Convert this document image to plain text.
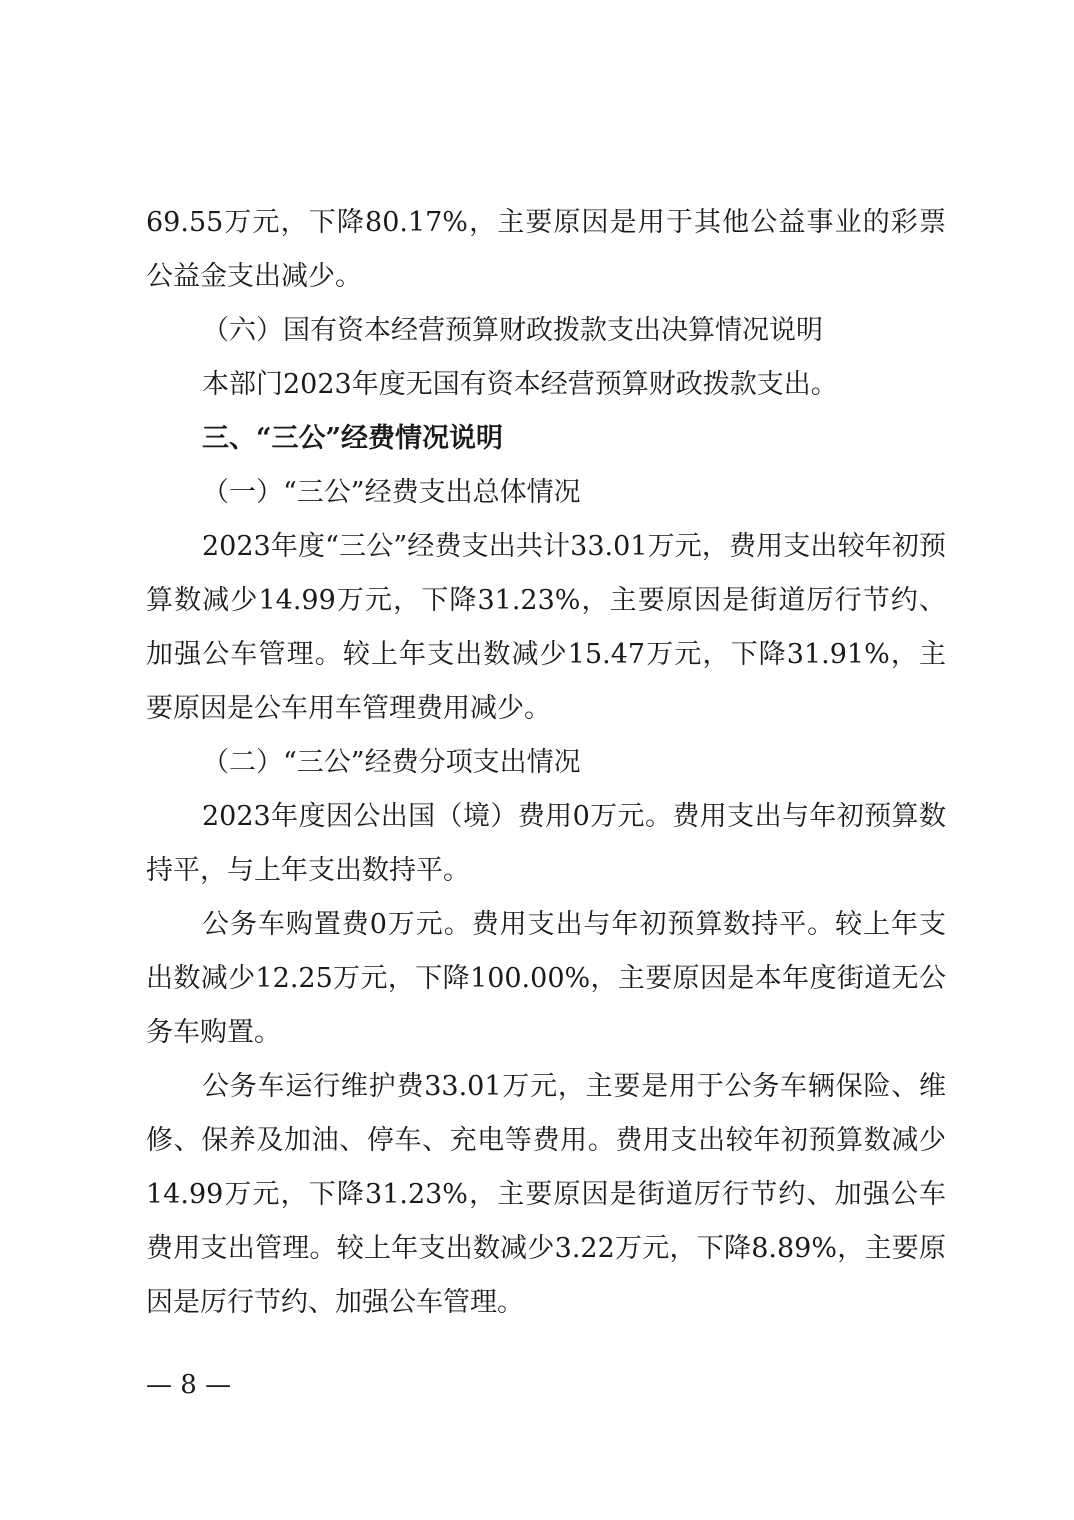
69.55万元，下降80.17%，主要原因是用于其他公益事业的彩票公益金支出减少。

（六）国有资本经营预算财政拨款支出决算情况说明

本部门2023年度无国有资本经营预算财政拨款支出。

三、“三公”经费情况说明

（一）“三公”经费支出总体情况

2023年度“三公”经费支出共计33.01万元，费用支出较年初预算数减少14.99万元，下降31.23%，主要原因是街道厉行节约、加强公车管理。较上年支出数减少15.47万元，下降31.91%，主要原因是公车用车管理费用减少。

（二）“三公”经费分项支出情况

2023年度因公出国（境）费用0万元。费用支出与年初预算数持平，与上年支出数持平。

公务车购置费0万元。费用支出与年初预算数持平。较上年支出数减少12.25万元，下降100.00%，主要原因是本年度街道无公务车购置。

公务车运行维护费33.01万元，主要是用于公务车辆保险、维修、保养及加油、停车、充电等费用。费用支出较年初预算数减少14.99万元，下降31.23%，主要原因是街道厉行节约、加强公车费用支出管理。较上年支出数减少3.22万元，下降8.89%，主要原因是厉行节约、加强公车管理。

— 8 —
